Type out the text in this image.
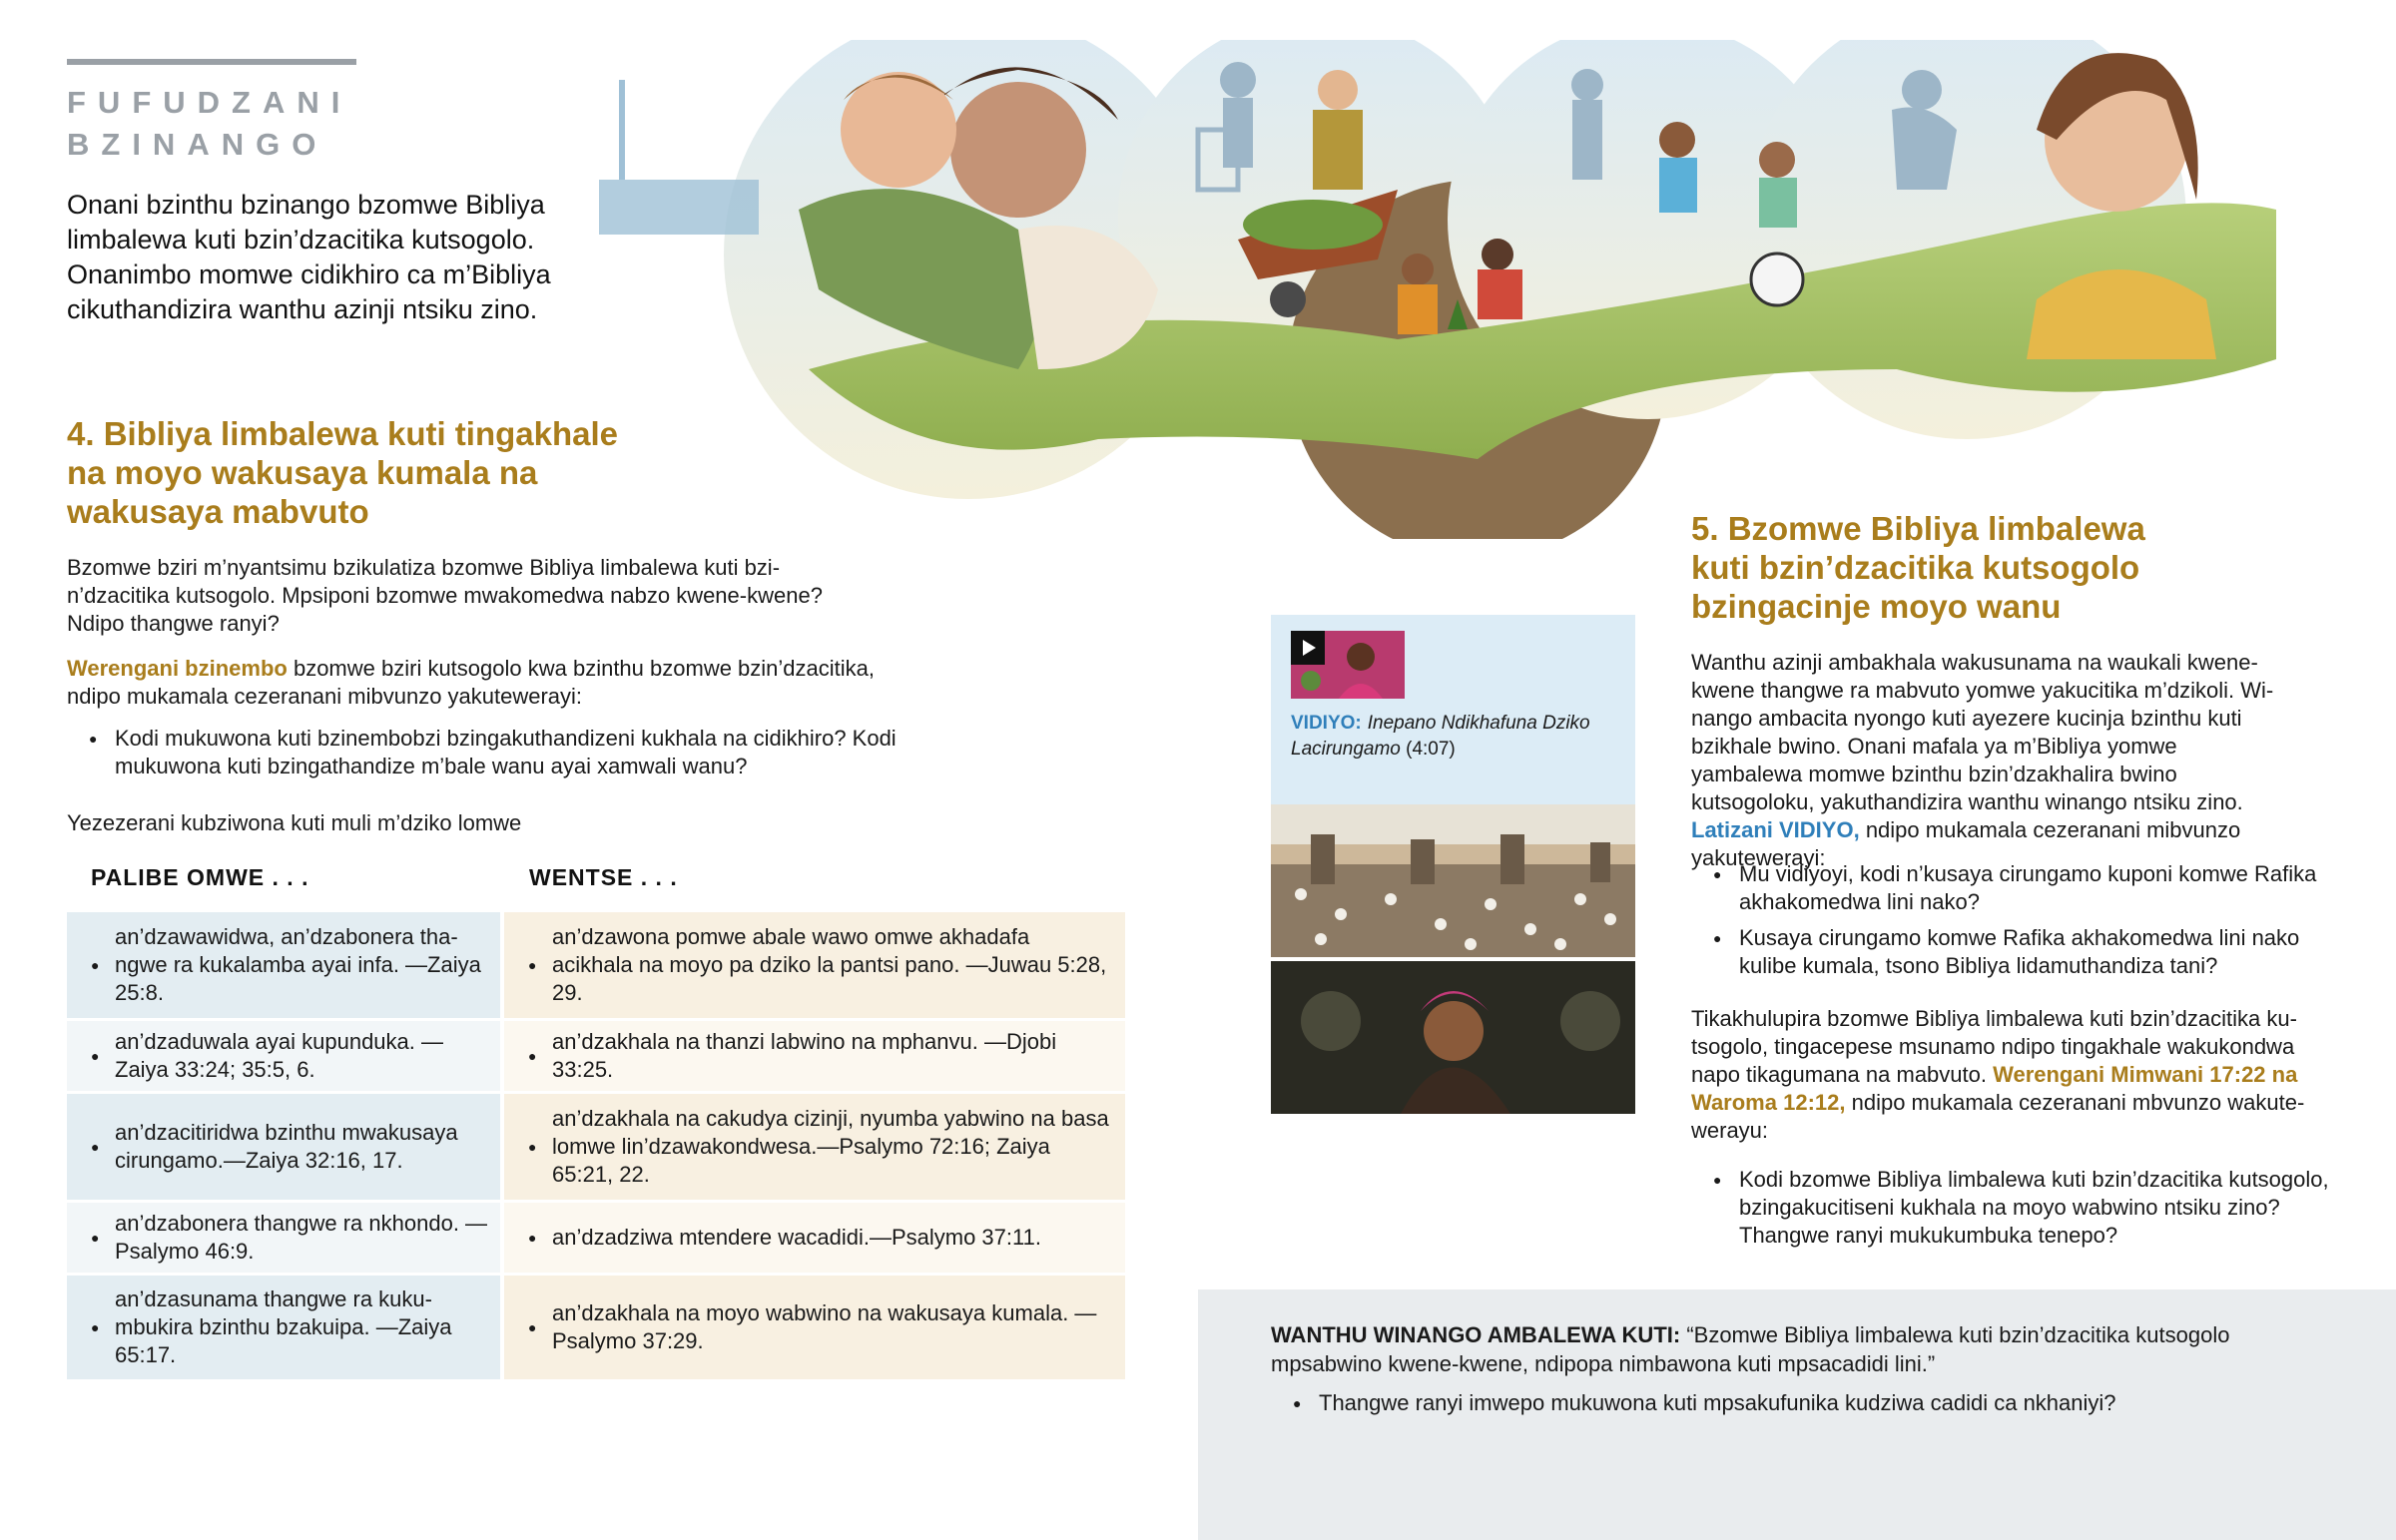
FUFUDZANI
BZINANGO
Onani bzinthu bzinango bzomwe Bibliya limbalewa kuti bzin’dzacitika kutsogolo. Onanimbo momwe cidikhiro ca m’Bibliya cikuthandizira wanthu azinji ntsiku zino.
4. Bibliya limbalewa kuti tingakhale na moyo wakusaya kumala na wakusaya mabvuto
Bzomwe bziri m’nyantsimu bzikulatiza bzomwe Bibliya limbalewa kuti bzin’dzacitika kutsogolo. Mpsiponi bzomwe mwakomedwa nabzo kwene-kwene? Ndipo thangwe ranyi?
Werengani bzinembo bzomwe bziri kutsogolo kwa bzinthu bzomwe bzin’dzacitika, ndipo mukamala cezeranani mibvunzo yakutewerayi:
● Kodi mukuwona kuti bzinembobzi bzingakuthandizeni kukhala na cidikhiro? Kodi mukuwona kuti bzingathandize m’bale wanu ayai xamwali wanu?
Yezezerani kubziwona kuti muli m’dziko lomwe
PALIBE OMWE . . .	WENTSE . . .
● an’dzawawidwa, an’dzabonera thangwe ra kukalamba ayai infa. —Zaiya 25:8.
● an’dzawona pomwe abale wawo omwe akhadafa acikhala na moyo pa dziko la pantsi pano. —Juwau 5:28, 29.
● an’dzaduwala ayai kupunduka. —Zaiya 33:24; 35:5, 6.
● an’dzakhala na thanzi labwino na mphanvu. —Djobi 33:25.
● an’dzacitiridwa bzinthu mwakusaya cirungamo.—Zaiya 32:16, 17.
● an’dzakhala na cakudya cizinji, nyumba yabwino na basa lomwe lin’dzawakondwesa.—Psalymo 72:16; Zaiya 65:21, 22.
● an’dzabonera thangwe ra nkhondo. —Psalymo 46:9.
● an’dzadziwa mtendere wacadidi.—Psalymo 37:11.
● an’dzasunama thangwe ra kukumbukira bzinthu bzakuipa. —Zaiya 65:17.
● an’dzakhala na moyo wabwino na wakusaya kumala. —Psalymo 37:29.
5. Bzomwe Bibliya limbalewa kuti bzin’dzacitika kutsogolo bzingacinje moyo wanu
VIDIYO: Inepano Ndikhafuna Dziko Lacirungamo (4:07)
Wanthu azinji ambakhala wakusunama na waukali kwene-kwene thangwe ra mabvuto yomwe yakucitika m’dzikoli. Winango ambacita nyongo kuti ayezere kucinja bzinthu kuti bzikhale bwino. Onani mafala ya m’Bibliya yomwe yambalewa momwe bzinthu bzin’dzakhalira bwino kutsogoloku, yakuthandizira wanthu winango ntsiku zino. Latizani VIDIYO, ndipo mukamala cezeranani mibvunzo yakutewerayi:
● Mu vidiyoyi, kodi n’kusaya cirungamo kuponi komwe Rafika akhakomedwa lini nako?
● Kusaya cirungamo komwe Rafika akhakomedwa lini nako kulibe kumala, tsono Bibliya lidamuthandiza tani?
Tikakhulupira bzomwe Bibliya limbalewa kuti bzin’dzacitika kutsogolo, tingacepese msunamo ndipo tingakhale wakukondwa napo tikagumana na mabvuto. Werengani Mimwani 17:22 na Waroma 12:12, ndipo mukamala cezeranani mbvunzo wakutewerayu:
● Kodi bzomwe Bibliya limbalewa kuti bzin’dzacitika kutsogolo, bzingakucitiseni kukhala na moyo wabwino ntsiku zino? Thangwe ranyi mukukumbuka tenepo?
WANTHU WINANGO AMBALEWA KUTI: “Bzomwe Bibliya limbalewa kuti bzin’dzacitika kutsogolo mpsabwino kwene-kwene, ndipopa nimbawona kuti mpsacadidi lini.”
● Thangwe ranyi imwepo mukuwona kuti mpsakufunika kudziwa cadidi ca nkhaniyi?
